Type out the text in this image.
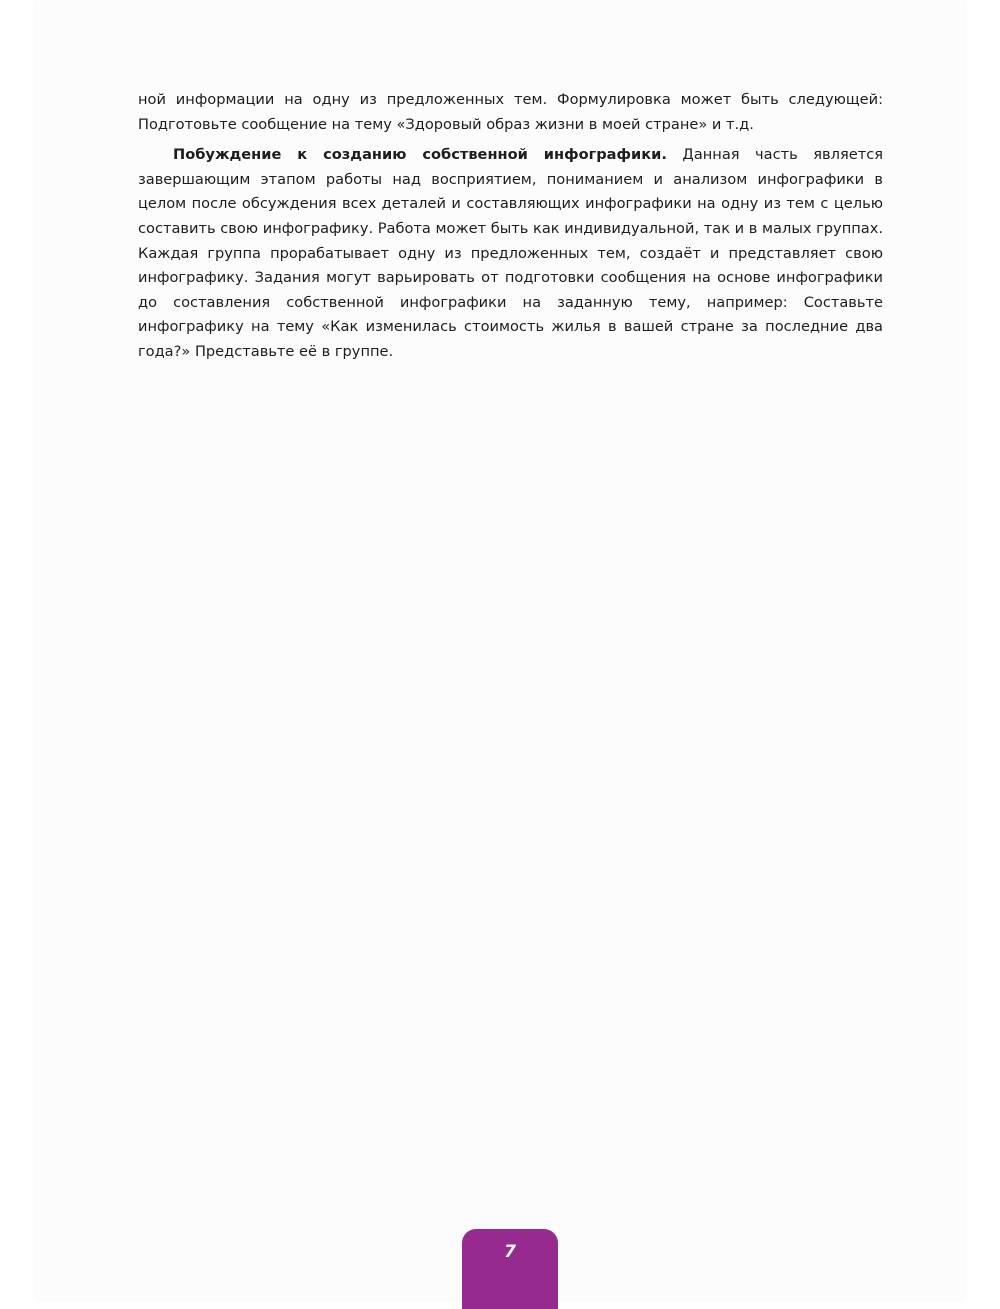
ной информации на одну из предложенных тем. Формулировка может быть следующей: Подготовьте сообщение на тему «Здоровый образ жизни в моей стране» и т.д.

Побуждение к созданию собственной инфографики. Данная часть является завершающим этапом работы над восприятием, пониманием и анализом инфографики в целом после обсуждения всех деталей и составляющих инфографики на одну из тем с целью составить свою инфографику. Работа может быть как индивидуальной, так и в малых группах. Каждая группа прорабатывает одну из предложенных тем, создаёт и представляет свою инфографику. Задания могут варьировать от подготовки сообщения на основе инфографики до составления собственной инфографики на заданную тему, например: Составьте инфографику на тему «Как изменилась стоимость жилья в вашей стране за последние два года?» Представьте её в группе.

7
